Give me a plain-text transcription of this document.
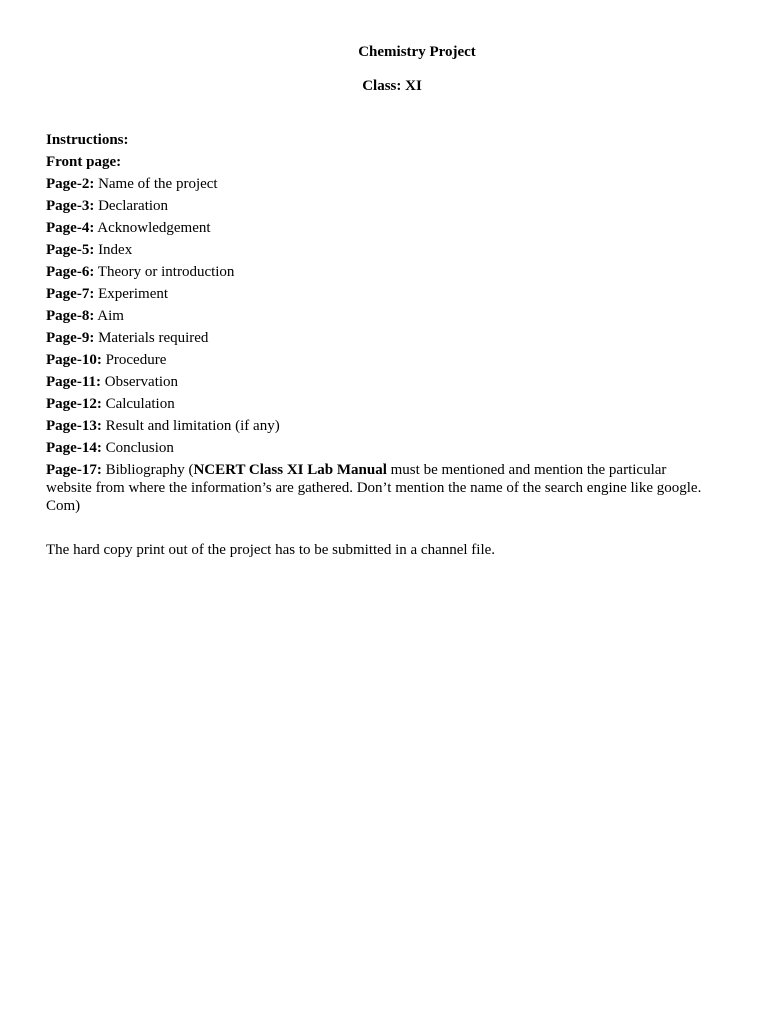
Chemistry Project
Class: XI
Instructions:
Front page:
Page-2: Name of the project
Page-3: Declaration
Page-4: Acknowledgement
Page-5: Index
Page-6: Theory or introduction
Page-7: Experiment
Page-8: Aim
Page-9: Materials required
Page-10: Procedure
Page-11: Observation
Page-12: Calculation
Page-13: Result and limitation (if any)
Page-14: Conclusion
Page-17: Bibliography (NCERT Class XI Lab Manual must be mentioned and mention the particular website from where the information’s are gathered. Don’t mention the name of the search engine like google. Com)
The hard copy print out of the project has to be submitted in a channel file.
